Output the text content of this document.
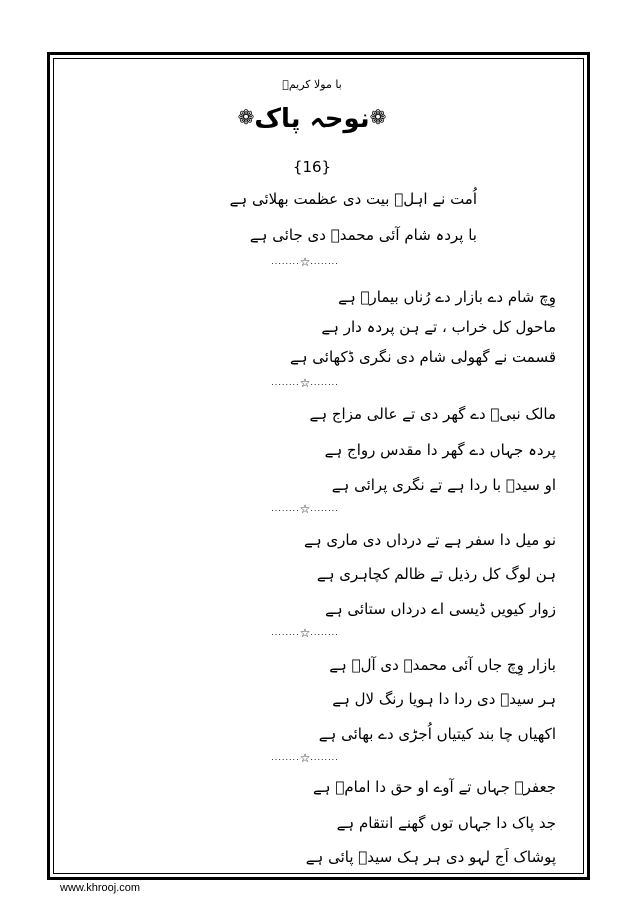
با مولا کریمؑ
❁نوحہ پاک❁
{16}
اُمت نے اہلؑ بیت دی عظمت بھلائی ہے
با پردہ شام آئی محمدؐ دی جائی ہے
........☆........
وِچ شام دے بازار دے رُناں بیمارؑ ہے
ماحول کل خراب ، تے ہن پردہ دار ہے
قسمت نے گھولی شام دی نگری ڈکھائی ہے
........☆........
مالک نبیؐ دے گھر دی تے عالی مزاج ہے
پردہ جہاں دے گھر دا مقدس رواج ہے
او سیدؑ با ردا ہے تے نگری پرائی ہے
........☆........
نو میل دا سفر ہے تے درداں دی ماری ہے
ہن لوگ کل رذیل تے ظالم کچاہری ہے
زوار کیویں ڈیسی اے درداں ستائی ہے
........☆........
بازار وِچ جاں آئی محمدؐ دی آلؑ ہے
ہر سیدؑ دی ردا دا ہویا رنگ لال ہے
اکھیاں چا بند کیتیاں اُجڑی دے بھائی ہے
........☆........
جعفرؑ جہاں تے آوے او حق دا امامؑ ہے
جد پاک دا جہاں توں گھنے انتقام ہے
پوشاک اَج لہو دی ہر ہک سیدؑ پائی ہے
www.khrooj.com
